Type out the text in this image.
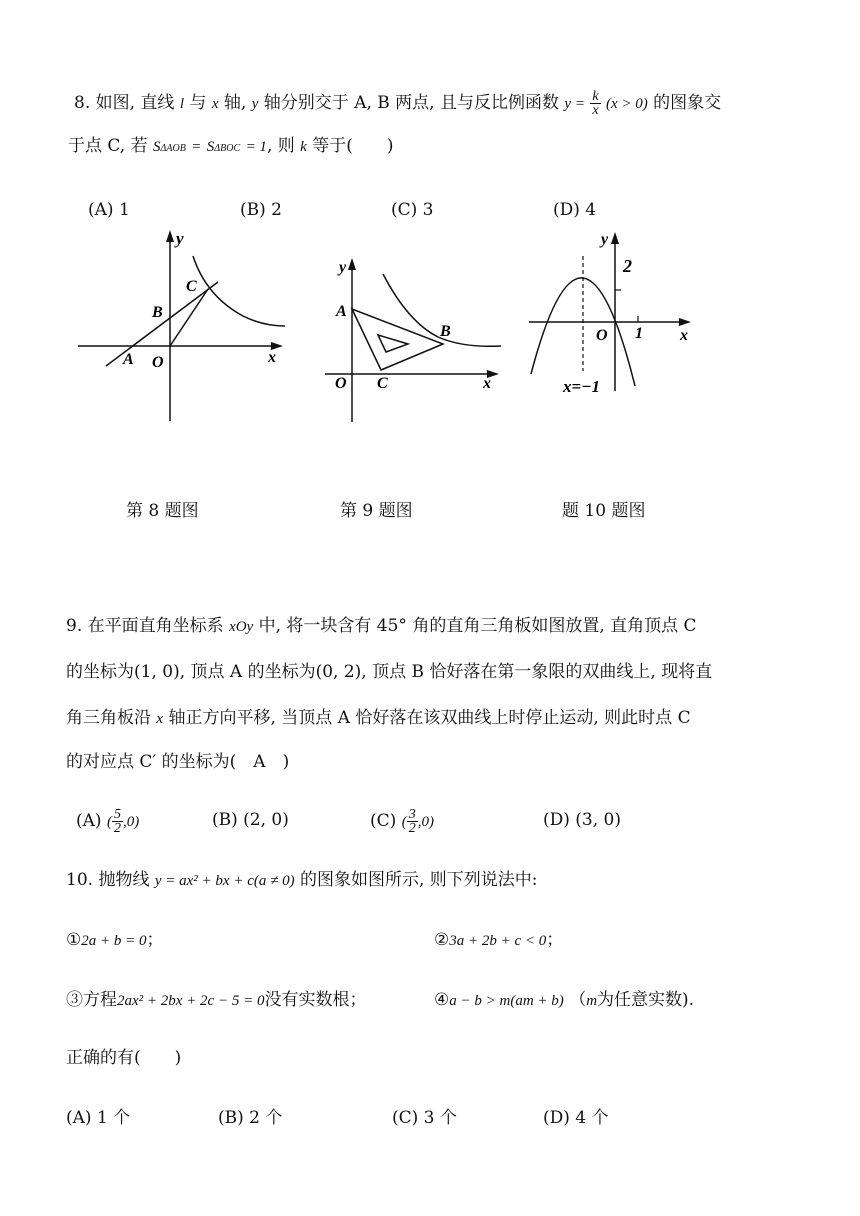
8. 如图, 直线 l 与 x 轴, y 轴分别交于 A, B 两点, 且与反比例函数 $y = \frac{k}{x} (x > 0)$ 的图象交
于点 C, 若 SΔAOB = SΔBOC = 1, 则 k 等于(　　)
(A) 1	(B) 2	(C) 3	(D) 4
y
x
A
B
C
O
y
x
A
B
C
O
y
x
2
1
O
x=−1
第 8 题图	第 9 题图	题 10 题图
9. 在平面直角坐标系 xOy 中, 将一块含有 45° 角的直角三角板如图放置, 直角顶点 C
的坐标为(1, 0), 顶点 A 的坐标为(0, 2), 顶点 B 恰好落在第一象限的双曲线上, 现将直
角三角板沿 x 轴正方向平移, 当顶点 A 恰好落在该双曲线上时停止运动, 则此时点 C
的对应点 C′ 的坐标为(　A　)
(A) ( $\frac{5}{2} ,0$)	(B) (2, 0)	(C) ( $\frac{3}{2} ,0$)	(D) (3, 0)
10. 抛物线 y = ax² + bx + c(a ≠ 0) 的图象如图所示, 则下列说法中:
①2a + b = 0；	②3a + 2b + c < 0；
③方程2ax² + 2bx + 2c − 5 = 0没有实数根；	④a − b > m(am + b) （m为任意实数).
正确的有(　　)
(A) 1 个	(B) 2 个	(C) 3 个	(D) 4 个
